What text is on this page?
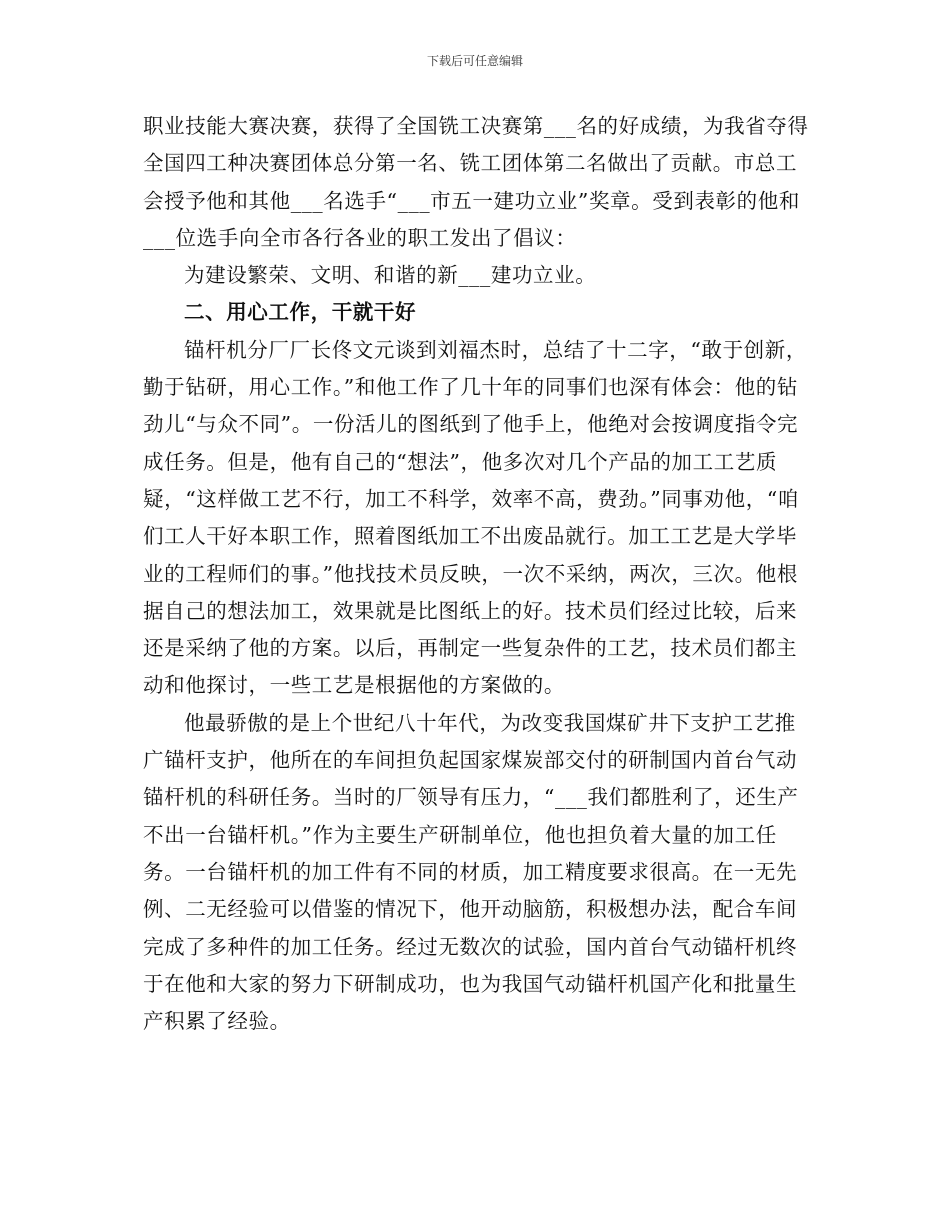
下载后可任意编辑

职业技能大赛决赛，获得了全国铣工决赛第___名的好成绩，为我省夺得全国四工种决赛团体总分第一名、铣工团体第二名做出了贡献。市总工会授予他和其他___名选手“___市五一建功立业”奖章。受到表彰的他和___位选手向全市各行各业的职工发出了倡议：

为建设繁荣、文明、和谐的新___建功立业。

二、用心工作，干就干好

锚杆机分厂厂长佟文元谈到刘福杰时，总结了十二字，“敢于创新，勤于钻研，用心工作。”和他工作了几十年的同事们也深有体会：他的钻劲儿“与众不同”。一份活儿的图纸到了他手上，他绝对会按调度指令完成任务。但是，他有自己的“想法”，他多次对几个产品的加工工艺质疑，“这样做工艺不行，加工不科学，效率不高，费劲。”同事劝他，“咱们工人干好本职工作，照着图纸加工不出废品就行。加工工艺是大学毕业的工程师们的事。”他找技术员反映，一次不采纳，两次，三次。他根据自己的想法加工，效果就是比图纸上的好。技术员们经过比较，后来还是采纳了他的方案。以后，再制定一些复杂件的工艺，技术员们都主动和他探讨，一些工艺是根据他的方案做的。

他最骄傲的是上个世纪八十年代，为改变我国煤矿井下支护工艺推广锚杆支护，他所在的车间担负起国家煤炭部交付的研制国内首台气动锚杆机的科研任务。当时的厂领导有压力，“___我们都胜利了，还生产不出一台锚杆机。”作为主要生产研制单位，他也担负着大量的加工任务。一台锚杆机的加工件有不同的材质，加工精度要求很高。在一无先例、二无经验可以借鉴的情况下，他开动脑筋，积极想办法，配合车间完成了多种件的加工任务。经过无数次的试验，国内首台气动锚杆机终于在他和大家的努力下研制成功，也为我国气动锚杆机国产化和批量生产积累了经验。
